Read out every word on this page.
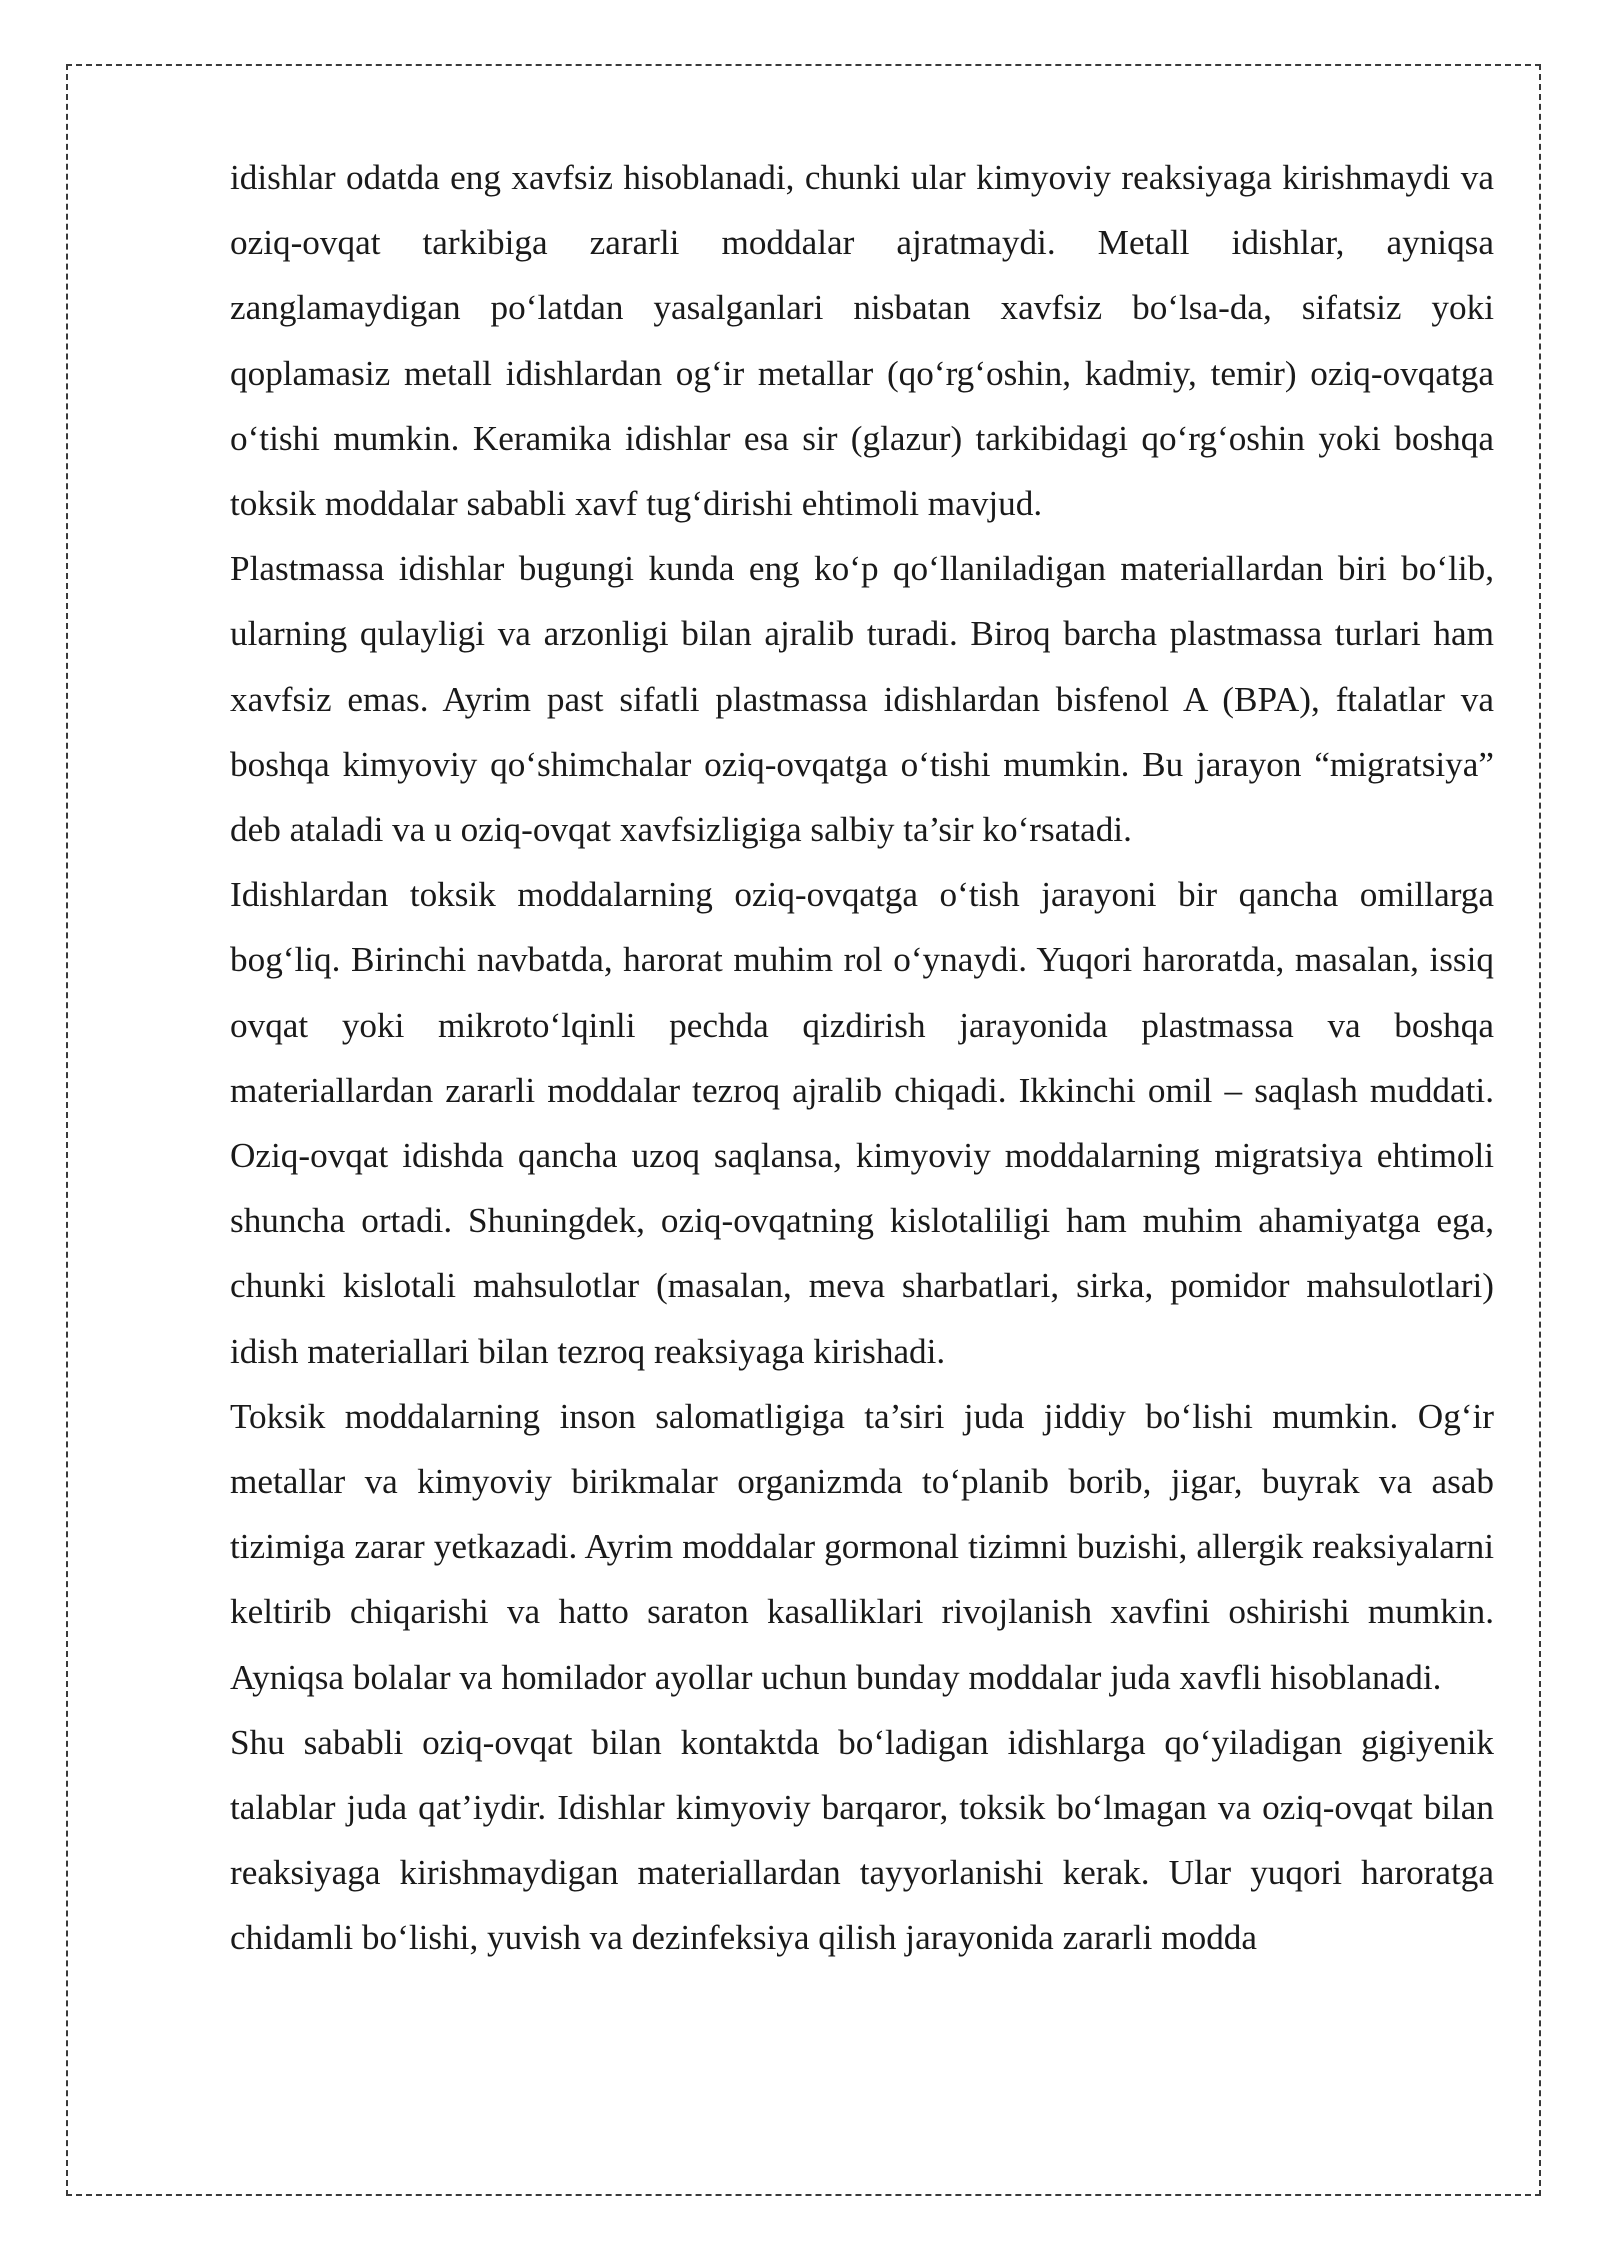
idishlar odatda eng xavfsiz hisoblanadi, chunki ular kimyoviy reaksiyaga kirishmaydi va oziq-ovqat tarkibiga zararli moddalar ajratmaydi. Metall idishlar, ayniqsa zanglamaydigan po‘latdan yasalganlari nisbatan xavfsiz bo‘lsa-da, sifatsiz yoki qoplamasiz metall idishlardan og‘ir metallar (qo‘rg‘oshin, kadmiy, temir) oziq-ovqatga o‘tishi mumkin. Keramika idishlar esa sir (glazur) tarkibidagi qo‘rg‘oshin yoki boshqa toksik moddalar sababli xavf tug‘dirishi ehtimoli mavjud.

Plastmassa idishlar bugungi kunda eng ko‘p qo‘llaniladigan materiallardan biri bo‘lib, ularning qulayligi va arzonligi bilan ajralib turadi. Biroq barcha plastmassa turlari ham xavfsiz emas. Ayrim past sifatli plastmassa idishlardan bisfenol A (BPA), ftalatlar va boshqa kimyoviy qo‘shimchalar oziq-ovqatga o‘tishi mumkin. Bu jarayon “migratsiya” deb ataladi va u oziq-ovqat xavfsizligiga salbiy ta’sir ko‘rsatadi.

Idishlardan toksik moddalarning oziq-ovqatga o‘tish jarayoni bir qancha omillarga bog‘liq. Birinchi navbatda, harorat muhim rol o‘ynaydi. Yuqori haroratda, masalan, issiq ovqat yoki mikroto‘lqinli pechda qizdirish jarayonida plastmassa va boshqa materiallardan zararli moddalar tezroq ajralib chiqadi. Ikkinchi omil – saqlash muddati. Oziq-ovqat idishda qancha uzoq saqlansa, kimyoviy moddalarning migratsiya ehtimoli shuncha ortadi. Shuningdek, oziq-ovqatning kislotaliligi ham muhim ahamiyatga ega, chunki kislotali mahsulotlar (masalan, meva sharbatlari, sirka, pomidor mahsulotlari) idish materiallari bilan tezroq reaksiyaga kirishadi.

Toksik moddalarning inson salomatligiga ta’siri juda jiddiy bo‘lishi mumkin. Og‘ir metallar va kimyoviy birikmalar organizmda to‘planib borib, jigar, buyrak va asab tizimiga zarar yetkazadi. Ayrim moddalar gormonal tizimni buzishi, allergik reaksiyalarni keltirib chiqarishi va hatto saraton kasalliklari rivojlanish xavfini oshirishi mumkin. Ayniqsa bolalar va homilador ayollar uchun bunday moddalar juda xavfli hisoblanadi.

Shu sababli oziq-ovqat bilan kontaktda bo‘ladigan idishlarga qo‘yiladigan gigiyenik talablar juda qat’iydir. Idishlar kimyoviy barqaror, toksik bo‘lmagan va oziq-ovqat bilan reaksiyaga kirishmaydigan materiallardan tayyorlanishi kerak. Ular yuqori haroratga chidamli bo‘lishi, yuvish va dezinfeksiya qilish jarayonida zararli modda
